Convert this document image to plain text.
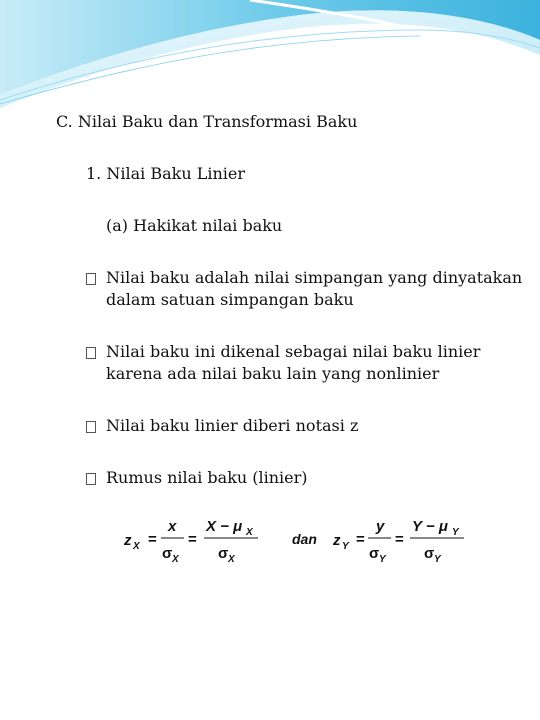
C. Nilai Baku dan Transformasi Baku
1. Nilai Baku Linier
(a) Hakikat nilai baku
Nilai baku adalah nilai simpangan yang dinyatakan dalam satuan simpangan baku
Nilai baku ini dikenal sebagai nilai baku linier karena ada nilai baku lain yang nonlinier
Nilai baku linier diberi notasi z
Rumus nilai baku (linier)
z X =
x
σ X
=
X − μ X
σ X
dan z Y =
y
σ Y
=
Y − μ Y
σ Y
